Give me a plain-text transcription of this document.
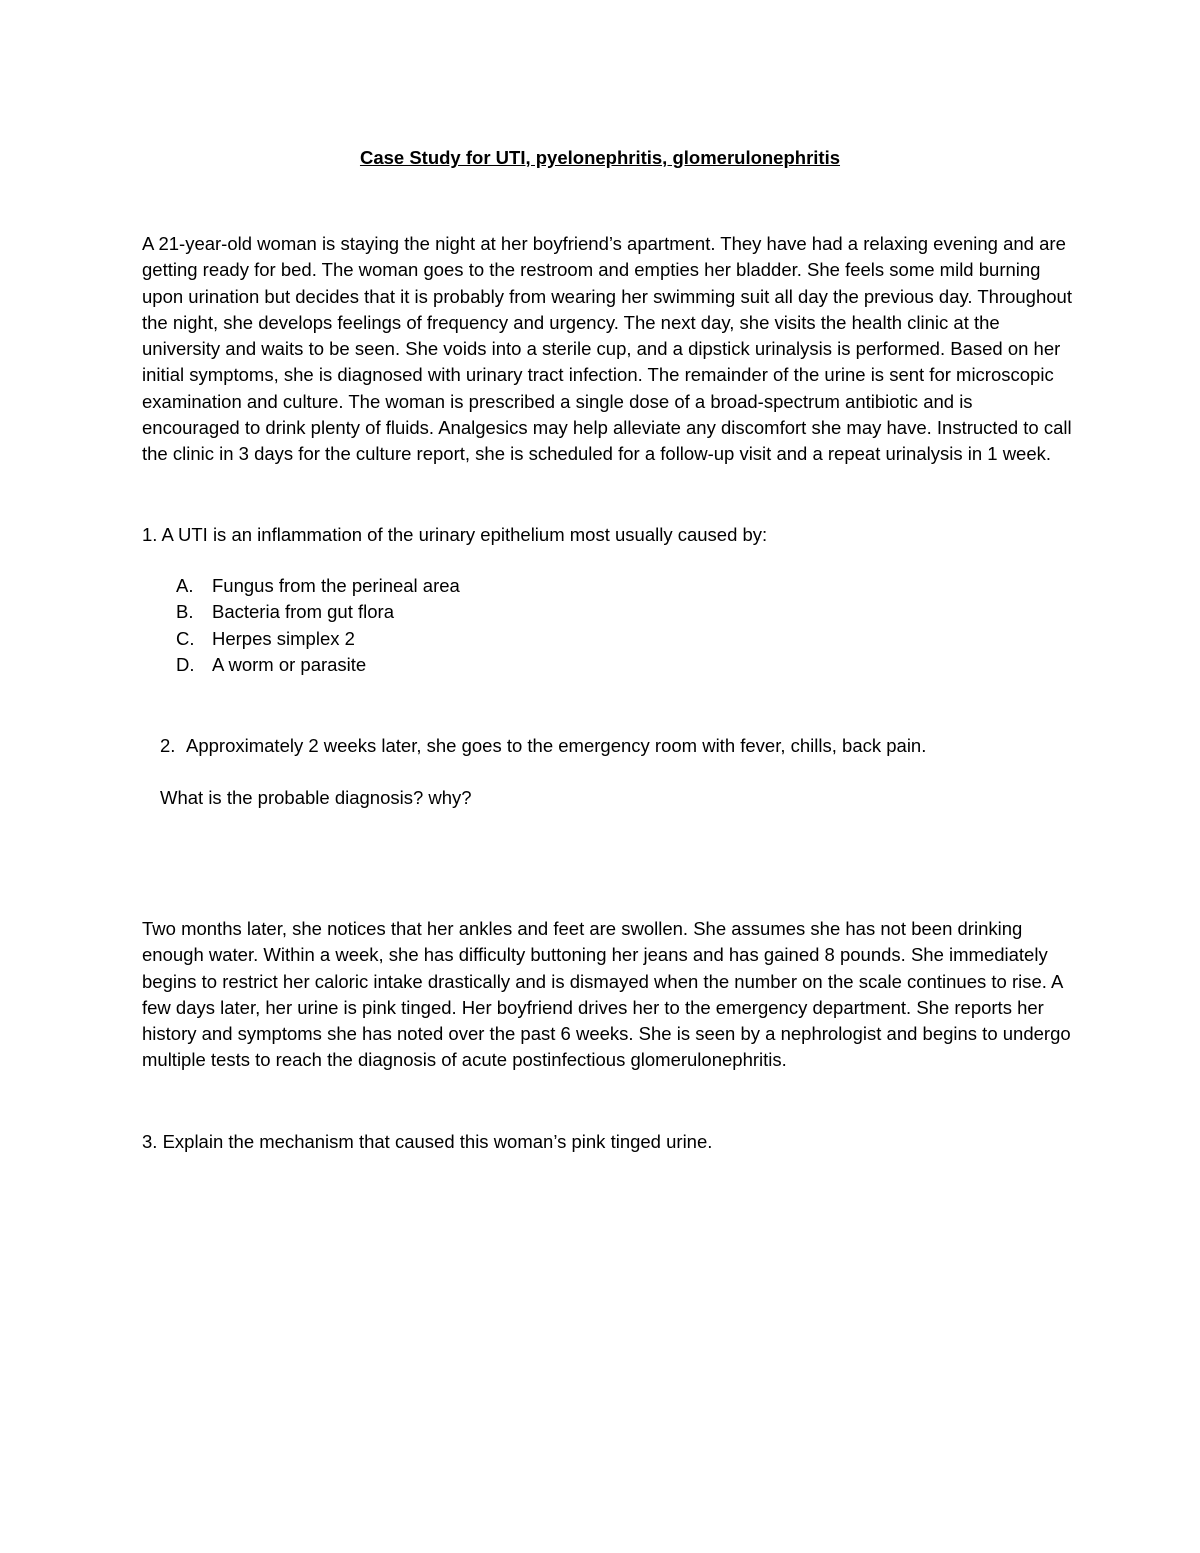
Case Study for UTI, pyelonephritis, glomerulonephritis

A 21-year-old woman is staying the night at her boyfriend’s apartment. They have had a relaxing evening and are getting ready for bed. The woman goes to the restroom and empties her bladder. She feels some mild burning upon urination but decides that it is probably from wearing her swimming suit all day the previous day. Throughout the night, she develops feelings of frequency and urgency. The next day, she visits the health clinic at the university and waits to be seen. She voids into a sterile cup, and a dipstick urinalysis is performed. Based on her initial symptoms, she is diagnosed with urinary tract infection. The remainder of the urine is sent for microscopic examination and culture. The woman is prescribed a single dose of a broad-spectrum antibiotic and is encouraged to drink plenty of fluids. Analgesics may help alleviate any discomfort she may have. Instructed to call the clinic in 3 days for the culture report, she is scheduled for a follow-up visit and a repeat urinalysis in 1 week.

1. A UTI is an inflammation of the urinary epithelium most usually caused by:
A.	Fungus from the perineal area
B.	Bacteria from gut flora
C. Herpes simplex 2
D. A worm or parasite
2. Approximately 2 weeks later, she goes to the emergency room with fever, chills, back pain.
What is the probable diagnosis? why?

Two months later, she notices that her ankles and feet are swollen. She assumes she has not been drinking enough water. Within a week, she has difficulty buttoning her jeans and has gained 8 pounds. She immediately begins to restrict her caloric intake drastically and is dismayed when the number on the scale continues to rise. A few days later, her urine is pink tinged. Her boyfriend drives her to the emergency department. She reports her history and symptoms she has noted over the past 6 weeks. She is seen by a nephrologist and begins to undergo multiple tests to reach the diagnosis of acute postinfectious glomerulonephritis.

3. Explain the mechanism that caused this woman’s pink tinged urine.
